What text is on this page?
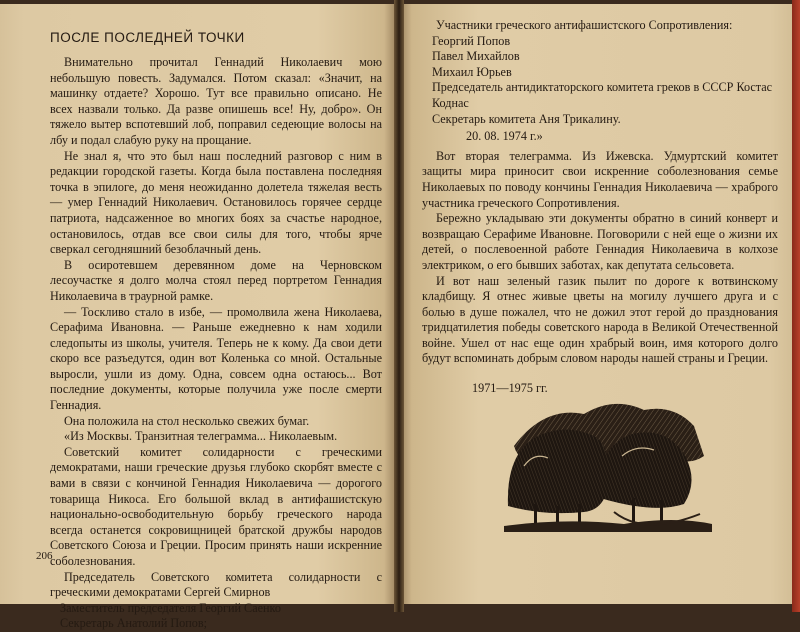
ПОСЛЕ ПОСЛЕДНЕЙ ТОЧКИ

Внимательно прочитал Геннадий Николаевич мою небольшую повесть. Задумался. Потом сказал: «Значит, на машинку отдаете? Хорошо. Тут все правильно описано. Не всех назвали только. Да разве опишешь все! Ну, добро». Он тяжело вытер вспотевший лоб, поправил седеющие волосы на лбу и подал слабую руку на прощание.

Не знал я, что это был наш последний разговор с ним в редакции городской газеты. Когда была поставлена последняя точка в эпилоге, до меня неожиданно долетела тяжелая весть — умер Геннадий Николаевич. Остановилось горячее сердце патриота, надсаженное во многих боях за счастье народное, остановилось, отдав все свои силы для того, чтобы ярче сверкал сегодняшний безоблачный день.

В осиротевшем деревянном доме на Черновском лесоучастке я долго молча стоял перед портретом Геннадия Николаевича в траурной рамке.

— Тоскливо стало в избе, — промолвила жена Николаева, Серафима Ивановна. — Раньше ежедневно к нам ходили следопыты из школы, учителя. Теперь не к кому. Да свои дети скоро все разъедутся, один вот Коленька со мной. Остальные выросли, ушли из дому. Одна, совсем одна остаюсь... Вот последние документы, которые получила уже после смерти Геннадия.

Она положила на стол несколько свежих бумаг.

«Из Москвы. Транзитная телеграмма... Николаевым.

Советский комитет солидарности с греческими демократами, наши греческие друзья глубоко скорбят вместе с вами в связи с кончиной Геннадия Николаевича — дорогого товарища Никоса. Его большой вклад в антифашистскую национально-освободительную борьбу греческого народа всегда останется сокровищницей братской дружбы народов Советского Союза и Греции. Просим принять наши искренние соболезнования.

Председатель Советского комитета солидарности с греческими демократами Сергей Смирнов

Заместитель председателя Георгий Саенко
Секретарь Анатолий Попов;
206

Участники греческого антифашистского Сопротивления:

Георгий Попов
Павел Михайлов
Михаил Юрьев
Председатель антидиктаторского комитета греков в СССР Костас Коднас
Секретарь комитета Аня Трикалину.
20. 08. 1974 г.»

Вот вторая телеграмма. Из Ижевска. Удмуртский комитет защиты мира приносит свои искренние соболезнования семье Николаевых по поводу кончины Геннадия Николаевича — храброго участника греческого Сопротивления.

Бережно укладываю эти документы обратно в синий конверт и возвращаю Серафиме Ивановне. Поговорили с ней еще о жизни их детей, о послевоенной работе Геннадия Николаевича в колхозе электриком, о его бывших заботах, как депутата сельсовета.

И вот наш зеленый газик пылит по дороге к вотвинскому кладбищу. Я отнес живые цветы на могилу лучшего друга и с болью в душе пожалел, что не дожил этот герой до празднования тридцатилетия победы советского народа в Великой Отечественной войне. Ушел от нас еще один храбрый воин, имя которого долго будут вспоминать добрым словом народы нашей страны и Греции.

1971—1975 гг.
